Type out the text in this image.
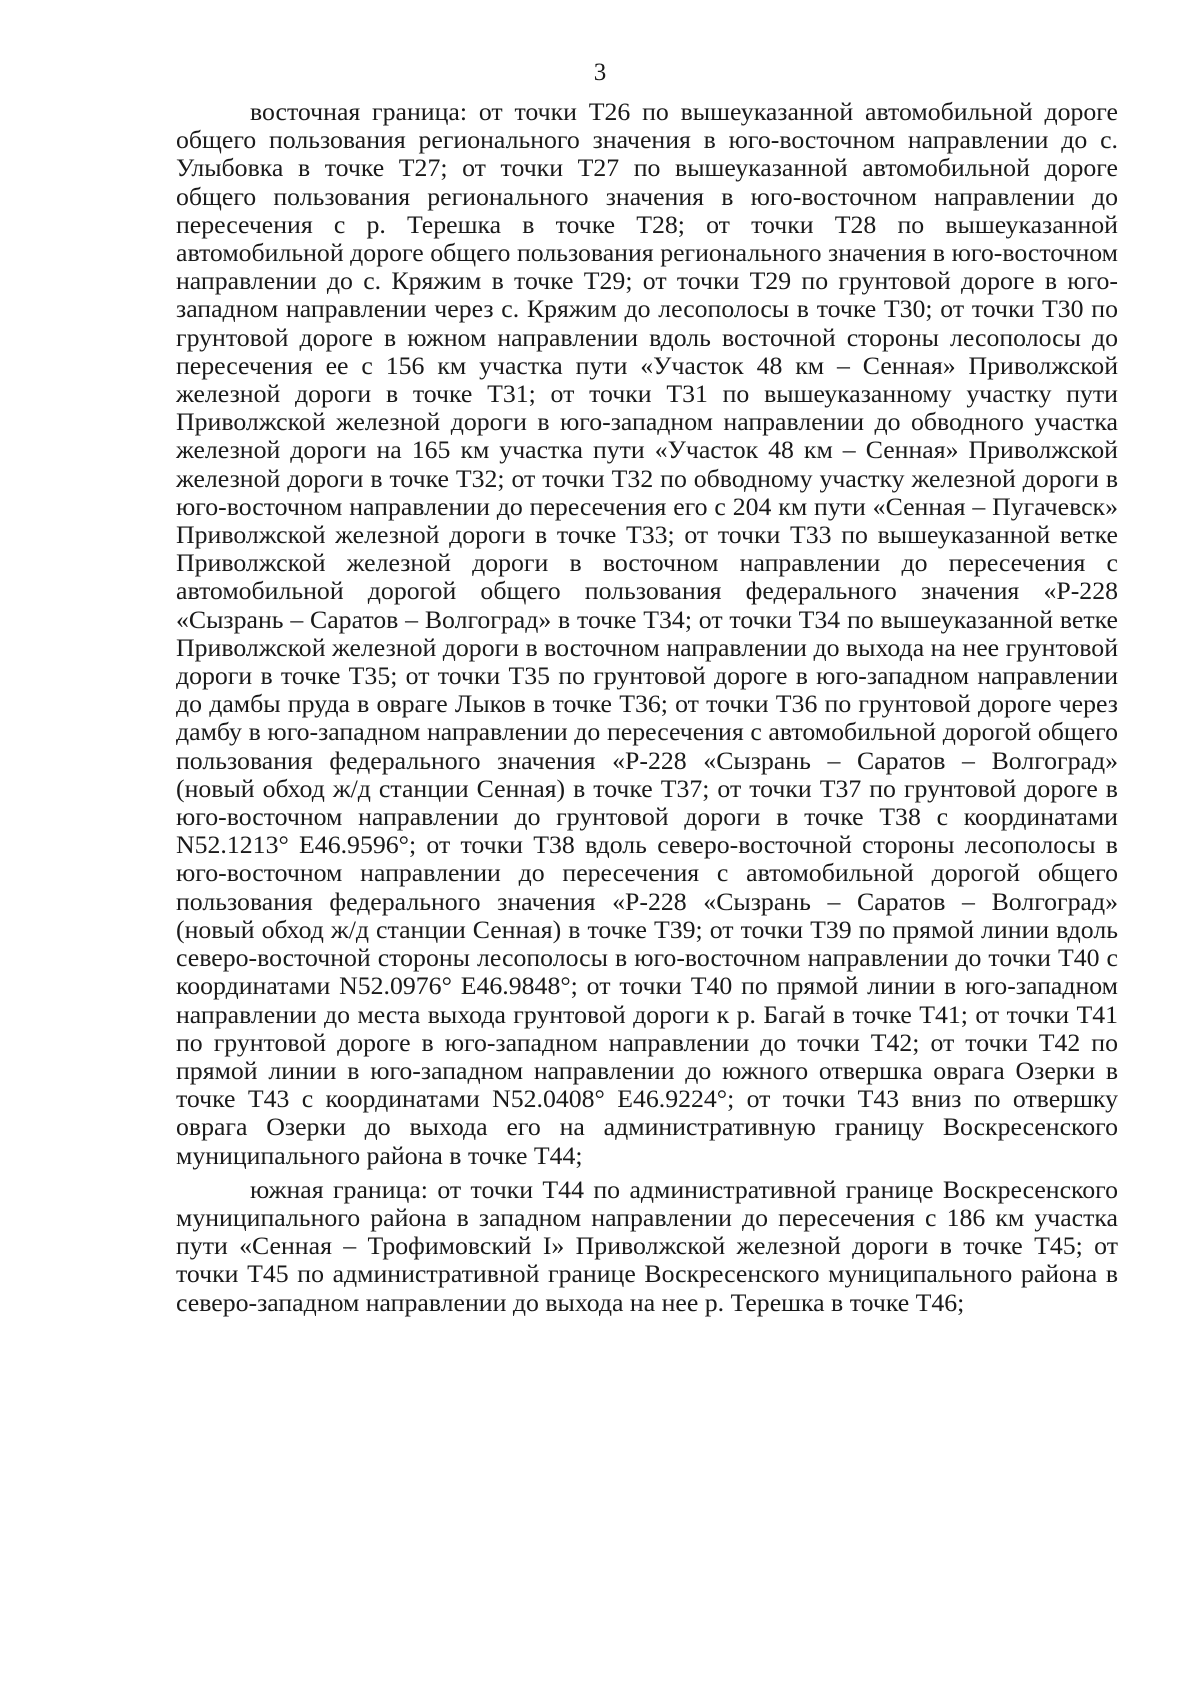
3

восточная граница: от точки Т26 по вышеуказанной автомобильной дороге общего пользования регионального значения в юго-восточном направлении до с. Улыбовка в точке Т27; от точки Т27 по вышеуказанной автомобильной дороге общего пользования регионального значения в юго-восточном направлении до пересечения с р. Терешка в точке Т28; от точки Т28 по вышеуказанной автомобильной дороге общего пользования регионального значения в юго-восточном направлении до с. Кряжим в точке Т29; от точки Т29 по грунтовой дороге в юго-западном направлении через с. Кряжим до лесополосы в точке Т30; от точки Т30 по грунтовой дороге в южном направлении вдоль восточной стороны лесополосы до пересечения ее с 156 км участка пути «Участок 48 км – Сенная» Приволжской железной дороги в точке Т31; от точки Т31 по вышеуказанному участку пути Приволжской железной дороги в юго-западном направлении до обводного участка железной дороги на 165 км участка пути «Участок 48 км – Сенная» Приволжской железной дороги в точке Т32; от точки Т32 по обводному участку железной дороги в юго-восточном направлении до пересечения его с 204 км пути «Сенная – Пугачевск» Приволжской железной дороги в точке Т33; от точки Т33 по вышеуказанной ветке Приволжской железной дороги в восточном направлении до пересечения с автомобильной дорогой общего пользования федерального значения «Р-228 «Сызрань – Саратов – Волгоград» в точке Т34; от точки Т34 по вышеуказанной ветке Приволжской железной дороги в восточном направлении до выхода на нее грунтовой дороги в точке Т35; от точки Т35 по грунтовой дороге в юго-западном направлении до дамбы пруда в овраге Лыков в точке Т36; от точки Т36 по грунтовой дороге через дамбу в юго-западном направлении до пересечения с автомобильной дорогой общего пользования федерального значения «Р-228 «Сызрань – Саратов – Волгоград» (новый обход ж/д станции Сенная) в точке Т37; от точки Т37 по грунтовой дороге в юго-восточном направлении до грунтовой дороги в точке Т38 с координатами N52.1213° E46.9596°; от точки Т38 вдоль северо-восточной стороны лесополосы в юго-восточном направлении до пересечения с автомобильной дорогой общего пользования федерального значения «Р-228 «Сызрань – Саратов – Волгоград» (новый обход ж/д станции Сенная) в точке Т39; от точки Т39 по прямой линии вдоль северо-восточной стороны лесополосы в юго-восточном направлении до точки Т40 с координатами N52.0976° E46.9848°; от точки Т40 по прямой линии в юго-западном направлении до места выхода грунтовой дороги к р. Багай в точке Т41; от точки Т41 по грунтовой дороге в юго-западном направлении до точки Т42; от точки Т42 по прямой линии в юго-западном направлении до южного отвершка оврага Озерки в точке Т43 с координатами N52.0408° E46.9224°; от точки Т43 вниз по отвершку оврага Озерки до выхода его на административную границу Воскресенского муниципального района в точке Т44;

южная граница: от точки Т44 по административной границе Воскресенского муниципального района в западном направлении до пересечения с 186 км участка пути «Сенная – Трофимовский I» Приволжской железной дороги в точке Т45; от точки Т45 по административной границе Воскресенского муниципального района в северо-западном направлении до выхода на нее р. Терешка в точке Т46;
